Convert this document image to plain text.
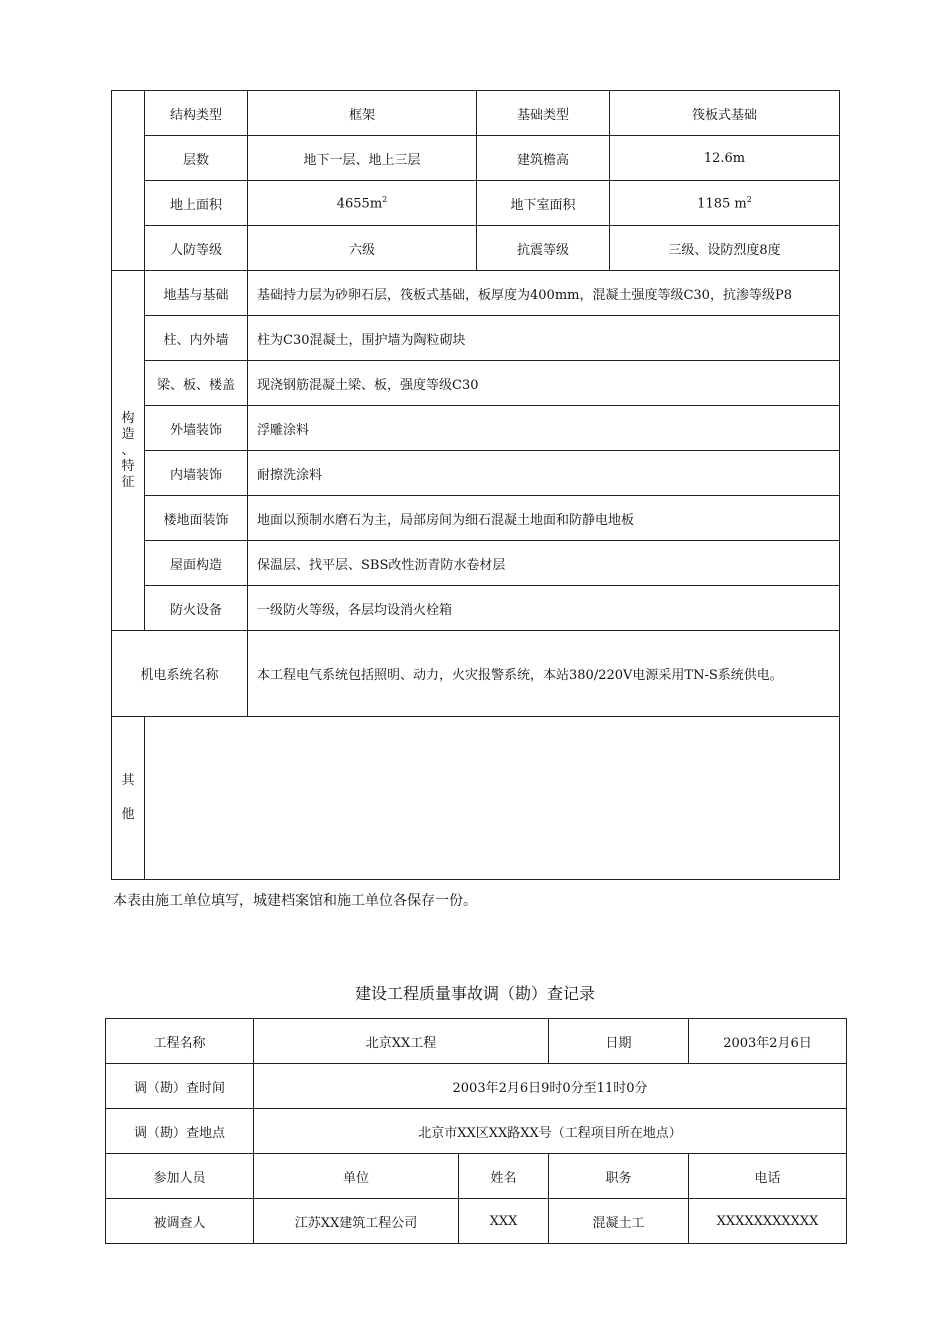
	结构类型	框架	基础类型	筏板式基础
	层数	地下一层、地上三层	建筑檐高	12.6m
	地上面积	$4655m^2$	地下室面积	1185 $m^2$
	人防等级	六级	抗震等级	三级、设防烈度8度

构
造
、
特
征	地基与基础	基础持力层为砂卵石层，筏板式基础，板厚度为400mm，混凝土强度等级C30，抗渗等级P8		
	柱、内外墙	柱为C30混凝土，围护墙为陶粒砌块		
	梁、板、楼盖	现浇钢筋混凝土梁、板，强度等级C30		
	外墙装饰	浮雕涂料		
	内墙装饰	耐擦洗涂料		
	楼地面装饰	地面以预制水磨石为主，局部房间为细石混凝土地面和防静电地板		
	屋面构造	保温层、找平层、SBS改性沥青防水卷材层		
	防火设备	一级防火等级，各层均设消火栓箱		
机电系统名称		本工程电气系统包括照明、动力，火灾报警系统，本站380/220V电源采用TN-S系统供电。		

其
他				

本表由施工单位填写，城建档案馆和施工单位各保存一份。
建设工程质量事故调（勘）查记录
工程名称	北京XX工程		日期	2003年2月6日
调（勘）查时间	2003年2月6日9时0分至11时0分			
调（勘）查地点	北京市XX区XX路XX号（工程项目所在地点）			
参加人员	单位	姓名	职务	电话
被调查人	江苏XX建筑工程公司	XXX	混凝土工	XXXXXXXXXXX
